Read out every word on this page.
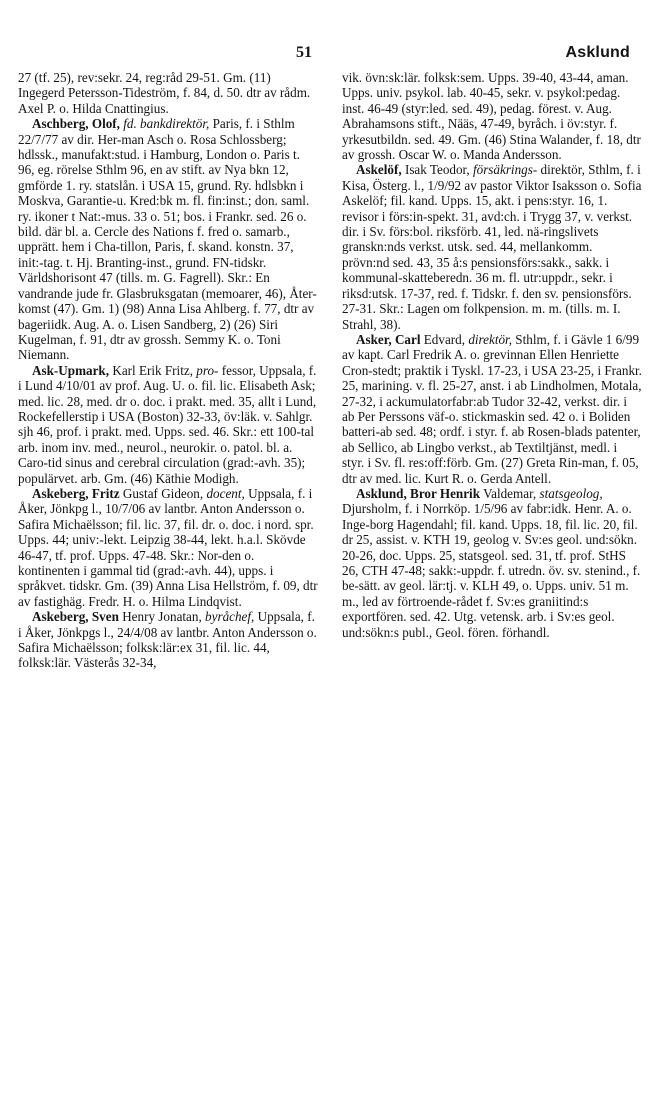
51	Asklund

27 (tf. 25), rev:sekr. 24, reg:råd 29-51. Gm. (11) Ingegerd Petersson-Tideström, f. 84, d. 50. dtr av rådm. Axel P. o. Hilda Cnattingius.

Aschberg, Olof, fd. bankdirektör, Paris, f. i Sthlm 22/7/77 av dir. Her-​man Asch o. Rosa Schlossberg; hdlssk., manufakt:stud. i Hamburg, London o. Paris t. 96, eg. rörelse Sthlm 96, en av stift. av Nya bkn 12, gmförde 1. ry. statslån. i USA 15, grund. Ry. hdlsbkn i Moskva, Garantie-​u. Kred:bk m. fl. fin:inst.; don. saml. ry. ikoner t Nat:-​mus. 33 o. 51; bos. i Frankr. sed. 26 o. bild. där bl. a. Cercle des Nations f. fred o. samarb., upprätt. hem i Cha-​tillon, Paris, f. skand. konstn. 37, init:-​tag. t. Hj. Branting-inst., grund. FN-​tidskr. Världshorisont 47 (tills. m. G. Fagrell). Skr.: En vandrande jude fr. Glasbruksgatan (memoarer, 46), Åter-​komst (47). Gm. 1) (98) Anna Lisa Ahlberg. f. 77, dtr av bageriidk. Aug. A. o. Lisen Sandberg, 2) (26) Siri Kugelman, f. 91, dtr av grossh. Semmy K. o. Toni Niemann.

Ask-Upmark, Karl Erik Fritz, pro- fessor, Uppsala, f. i Lund 4/10/01 av prof. Aug. U. o. fil. lic. Elisabeth Ask; med. lic. 28, med. dr o. doc. i prakt. med. 35, allt i Lund, Rockefellerstip i USA (Boston) 32-33, öv:läk. v. Sahlgr. sjh 46, prof. i prakt. med. Upps. sed. 46. Skr.: ett 100-tal arb. inom inv. med., neurol., neurokir. o. patol. bl. a. Caro-​tid sinus and cerebral circulation (grad:-​avh. 35); populärvet. arb. Gm. (46) Käthie Modigh.

Askeberg, Fritz Gustaf Gideon, docent, Uppsala, f. i Åker, Jönkpg l., 10/7/06 av lantbr. Anton Andersson o. Safira Michaëlsson; fil. lic. 37, fil. dr. o. doc. i nord. spr. Upps. 44; univ:-​lekt. Leipzig 38-44, lekt. h.a.l. Skövde 46-47, tf. prof. Upps. 47-48. Skr.: Nor-​den o. kontinenten i gammal tid (grad:-​avh. 44), upps. i språkvet. tidskr. Gm. (39) Anna Lisa Hellström, f. 09, dtr av fastighäg. Fredr. H. o. Hilma Lindqvist.

Askeberg, Sven Henry Jonatan, byråchef, Uppsala, f. i Åker, Jönkpgs l., 24/4/08 av lantbr. Anton Andersson o. Safira Michaëlsson; folksk:lär:ex 31, fil. lic. 44, folksk:lär. Västerås 32-34,

vik. övn:sk:lär. folksk:sem. Upps. 39-​40, 43-44, aman. Upps. univ. psykol. lab. 40-45, sekr. v. psykol:pedag. inst. 46-49 (styr:led. sed. 49), pedag. förest. v. Aug. Abrahamsons stift., Nääs, 47-​49, byråch. i öv:styr. f. yrkesutbildn. sed. 49. Gm. (46) Stina Walander, f. 18, dtr av grossh. Oscar W. o. Manda Andersson.

Askelöf, Isak Teodor, försäkrings- direktör, Sthlm, f. i Kisa, Österg. l., 1/9/92 av pastor Viktor Isaksson o. Sofia Askelöf; fil. kand. Upps. 15, akt. i pens:styr. 16, 1. revisor i förs:in-​spekt. 31, avd:ch. i Trygg 37, v. verkst. dir. i Sv. förs:bol. riksförb. 41, led. nä-​ringslivets granskn:nds verkst. utsk. sed. 44, mellankomm. prövn:nd sed. 43, 35 å:s pensionsförs:sakk., sakk. i kommunal-​skatteberedn. 36 m. fl. utr:uppdr., sekr. i riksd:utsk. 17-37, red. f. Tidskr. f. den sv. pensionsförs. 27-31. Skr.: Lagen om folkpension. m. m. (tills. m. I. Strahl, 38).

Asker, Carl Edvard, direktör, Sthlm, f. i Gävle 1 6/99 av kapt. Carl Fredrik A. o. grevinnan Ellen Henriette Cron-​stedt; praktik i Tyskl. 17-23, i USA 23-25, i Frankr. 25, marining. v. fl. 25-​27, anst. i ab Lindholmen, Motala, 27-​32, i ackumulatorfabr:ab Tudor 32-42, verkst. dir. i ab Per Perssons väf-​o. stickmaskin sed. 42 o. i Boliden batteri-​ab sed. 48; ordf. i styr. f. ab Rosen-​blads patenter, ab Sellico, ab Lingbo verkst., ab Textiltjänst, medl. i styr. i Sv. fl. res:off:förb. Gm. (27) Greta Rin-​man, f. 05, dtr av med. lic. Kurt R. o. Gerda Antell.

Asklund, Bror Henrik Valdemar, statsgeolog, Djursholm, f. i Norrköp. 1/5/96 av fabr:idk. Henr. A. o. Inge-​borg Hagendahl; fil. kand. Upps. 18, fil. lic. 20, fil. dr 25, assist. v. KTH 19, geolog v. Sv:es geol. und:sökn. 20-​26, doc. Upps. 25, statsgeol. sed. 31, tf. prof. StHS 26, CTH 47-48; sakk:-​uppdr. f. utredn. öv. sv. stenind., f. be-​sätt. av geol. lär:tj. v. KLH 49, o. Upps. univ. 51 m. m., led av förtroende-​rådet f. Sv:es graniitind:s exportfören. sed. 42. Utg. vetensk. arb. i Sv:es geol. und:sökn:s publ., Geol. fören. förhandl.
